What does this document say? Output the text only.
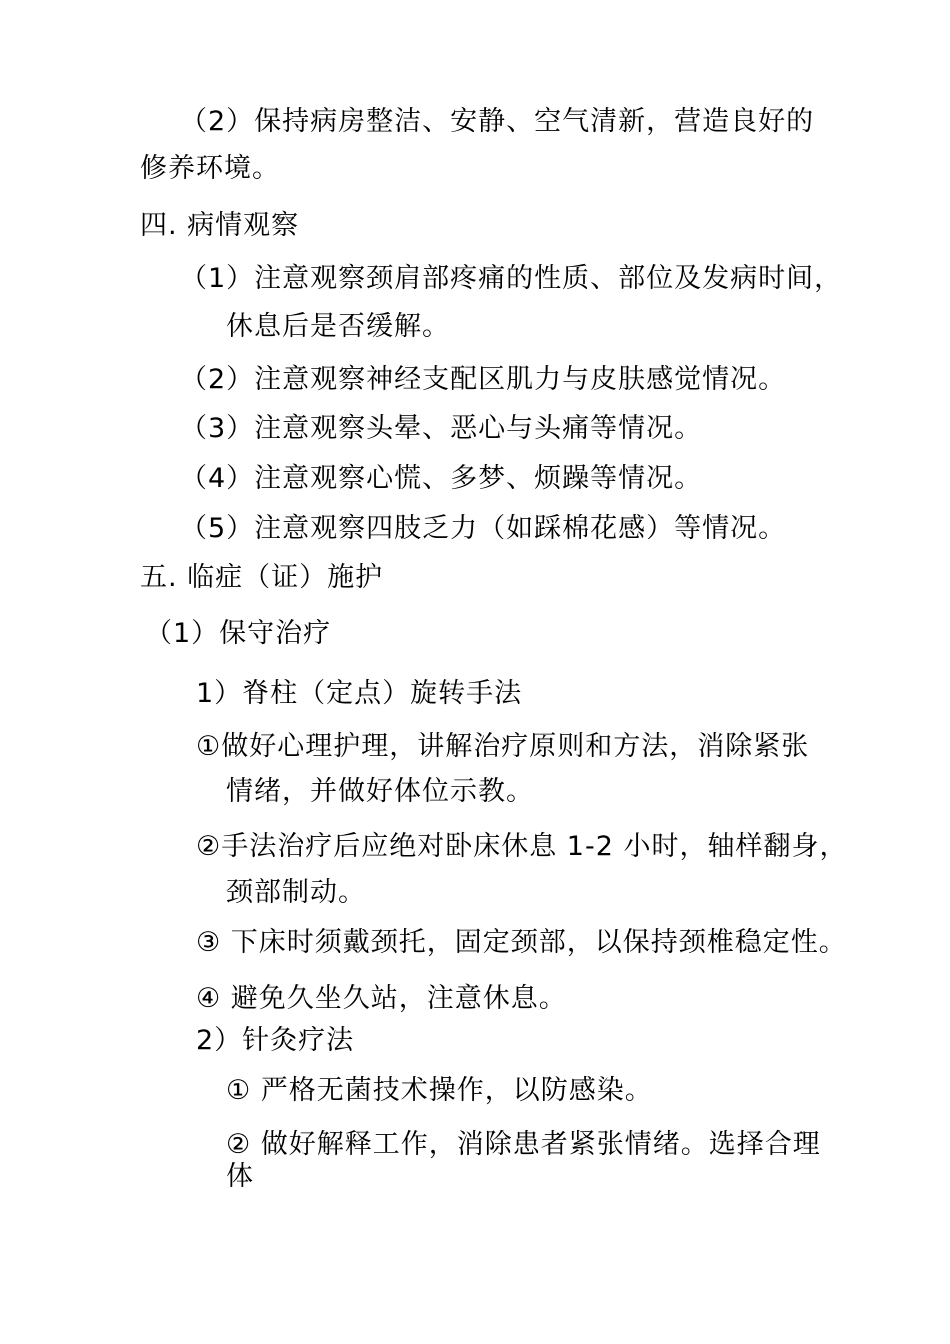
（2）保持病房整洁、安静、空气清新，营造良好的
修养环境。
四. 病情观察
（1）注意观察颈肩部疼痛的性质、部位及发病时间，
休息后是否缓解。
（2）注意观察神经支配区肌力与皮肤感觉情况。
（3）注意观察头晕、恶心与头痛等情况。
（4）注意观察心慌、多梦、烦躁等情况。
（5）注意观察四肢乏力（如踩棉花感）等情况。
五. 临症（证）施护
（1）保守治疗
1）脊柱（定点）旋转手法
①做好心理护理，讲解治疗原则和方法，消除紧张
情绪，并做好体位示教。
②手法治疗后应绝对卧床休息 1-2 小时，轴样翻身，
颈部制动。
③ 下床时须戴颈托，固定颈部，以保持颈椎稳定性。
④ 避免久坐久站，注意休息。
2）针灸疗法
① 严格无菌技术操作，以防感染。
② 做好解释工作，消除患者紧张情绪。选择合理
体
